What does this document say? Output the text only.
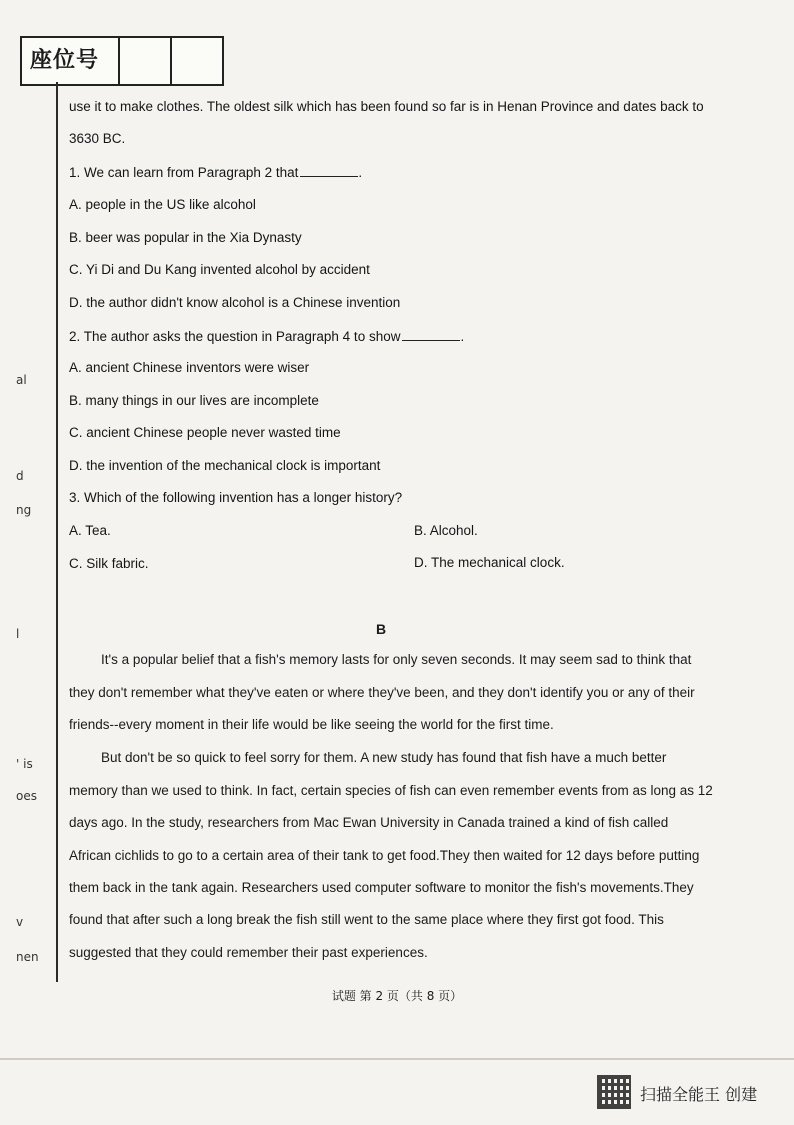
座位号
al
d
ng
l
' is
oes
v
nen
use it to make clothes. The oldest silk which has been found so far is in Henan Province and dates back to
3630 BC.
1. We can learn from Paragraph 2 that	.
A. people in the US like alcohol
B. beer was popular in the Xia Dynasty
C. Yi Di and Du Kang invented alcohol by accident
D. the author didn't know alcohol is a Chinese invention
2. The author asks the question in Paragraph 4 to show	.
A. ancient Chinese inventors were wiser
B. many things in our lives are incomplete
C. ancient Chinese people never wasted time
D. the invention of the mechanical clock is important
3. Which of the following invention has a longer history?
A. Tea.	B. Alcohol.
C. Silk fabric.	D. The mechanical clock.
B
It's a popular belief that a fish's memory lasts for only seven seconds. It may seem sad to think that
they don't remember what they've eaten or where they've been, and they don't identify you or any of their
friends--every moment in their life would be like seeing the world for the first time.
But don't be so quick to feel sorry for them. A new study has found that fish have a much better
memory than we used to think. In fact, certain species of fish can even remember events from as long as 12
days ago. In the study, researchers from Mac Ewan University in Canada trained a kind of fish called
African cichlids to go to a certain area of their tank to get food.They then waited for 12 days before putting
them back in the tank again. Researchers used computer software to monitor the fish's movements.They
found that after such a long break the fish still went to the same place where they first got food. This
suggested that they could remember their past experiences.
试题 第 2 页（共 8 页）
扫描全能王 创建
